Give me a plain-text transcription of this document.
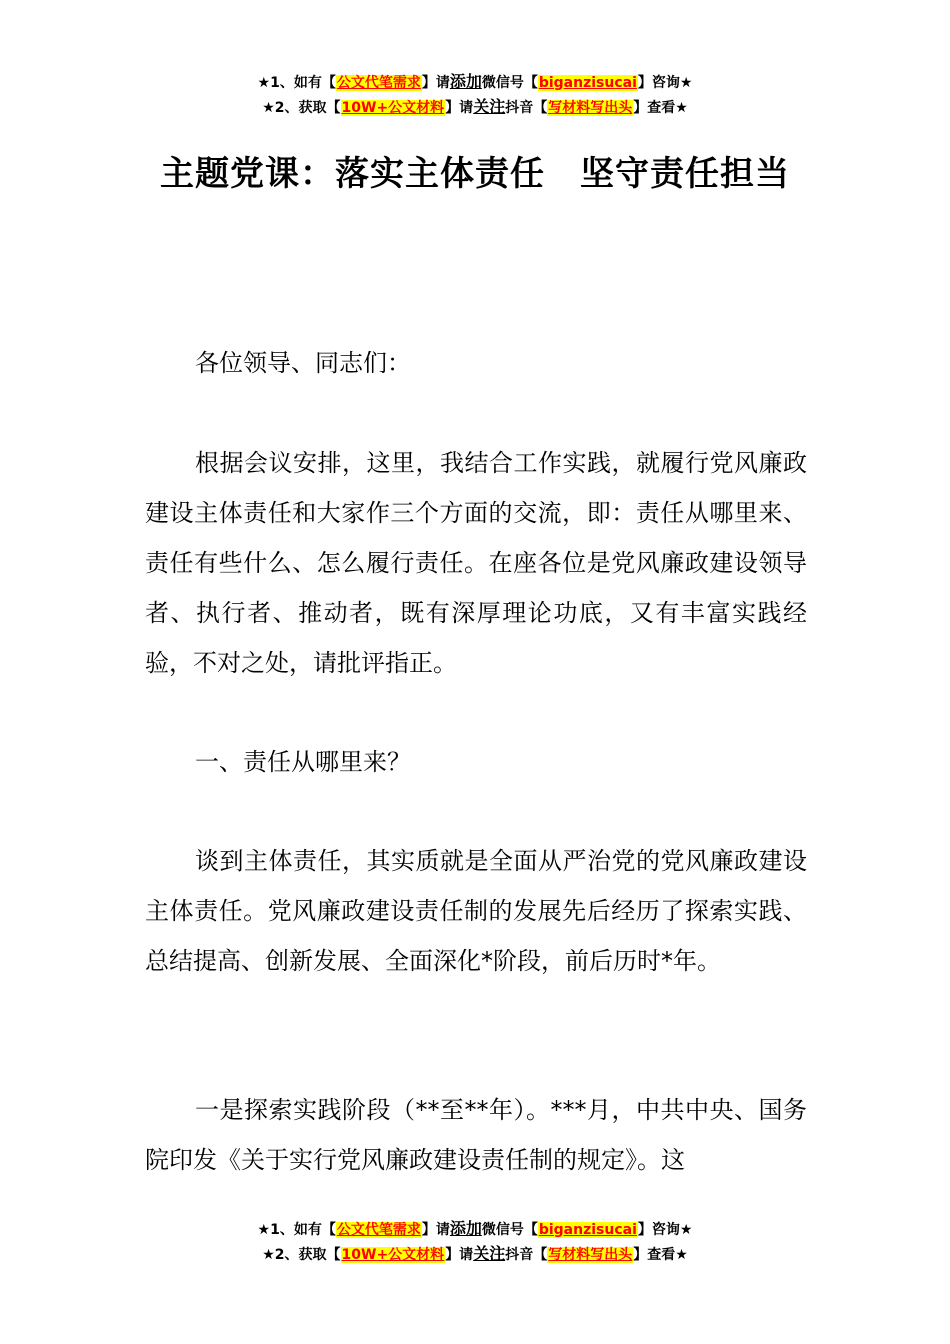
★1、如有【公文代笔需求】请添加微信号【biganzisucai】咨询★
★2、获取【10W+公文材料】请关注抖音【写材料写出头】查看★
主题党课：落实主体责任　坚守责任担当

各位领导、同志们：

根据会议安排，这里，我结合工作实践，就履行党风廉政建设主体责任和大家作三个方面的交流，即：责任从哪里来、责任有些什么、怎么履行责任。在座各位是党风廉政建设领导者、执行者、推动者，既有深厚理论功底，又有丰富实践经验，不对之处，请批评指正。

一、责任从哪里来？

谈到主体责任，其实质就是全面从严治党的党风廉政建设主体责任。党风廉政建设责任制的发展先后经历了探索实践、总结提高、创新发展、全面深化*阶段，前后历时*年。

一是探索实践阶段（**至**年）。***月，中共中央、国务院印发《关于实行党风廉政建设责任制的规定》。这

★1、如有【公文代笔需求】请添加微信号【biganzisucai】咨询★
★2、获取【10W+公文材料】请关注抖音【写材料写出头】查看★
